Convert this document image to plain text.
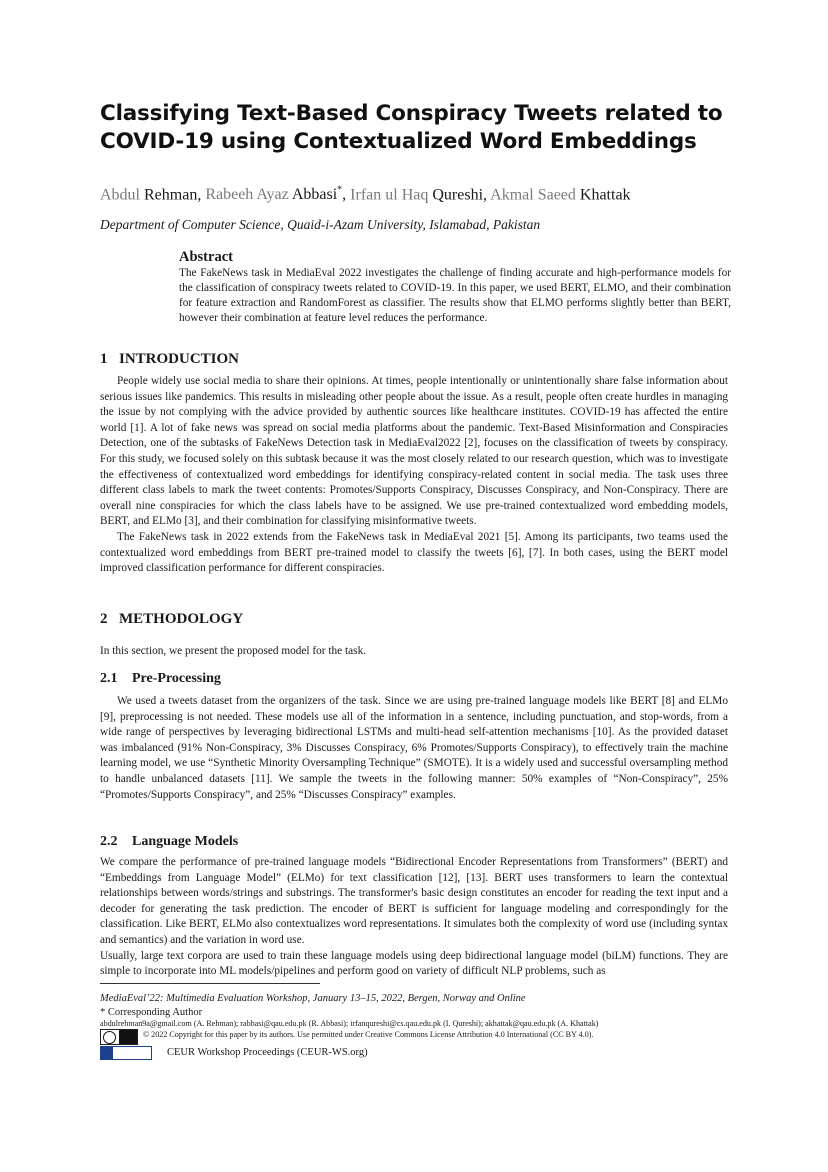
Classifying Text-Based Conspiracy Tweets related to COVID-19 using Contextualized Word Embeddings
Abdul Rehman, Rabeeh Ayaz Abbasi*, Irfan ul Haq Qureshi, Akmal Saeed Khattak
Department of Computer Science, Quaid-i-Azam University, Islamabad, Pakistan
Abstract

The FakeNews task in MediaEval 2022 investigates the challenge of finding accurate and high-performance models for the classification of conspiracy tweets related to COVID-19. In this paper, we used BERT, ELMO, and their combination for feature extraction and RandomForest as classifier. The results show that ELMO performs slightly better than BERT, however their combination at feature level reduces the performance.

1 INTRODUCTION

People widely use social media to share their opinions. At times, people intentionally or unintentionally share false information about serious issues like pandemics. This results in misleading other people about the issue. As a result, people often create hurdles in managing the issue by not complying with the advice provided by authentic sources like healthcare institutes. COVID-19 has affected the entire world [1]. A lot of fake news was spread on social media platforms about the pandemic. Text-Based Misinformation and Conspiracies Detection, one of the subtasks of FakeNews Detection task in MediaEval2022 [2], focuses on the classification of tweets by conspiracy. For this study, we focused solely on this subtask because it was the most closely related to our research question, which was to investigate the effectiveness of contextualized word embeddings for identifying conspiracy-related content in social media. The task uses three different class labels to mark the tweet contents: Promotes/Supports Conspiracy, Discusses Conspiracy, and Non-Conspiracy. There are overall nine conspiracies for which the class labels have to be assigned. We use pre-trained contextualized word embedding models, BERT, and ELMo [3], and their combination for classifying misinformative tweets.

The FakeNews task in 2022 extends from the FakeNews task in MediaEval 2021 [5]. Among its participants, two teams used the contextualized word embeddings from BERT pre-trained model to classify the tweets [6], [7]. In both cases, using the BERT model improved classification performance for different conspiracies.

2 METHODOLOGY

In this section, we present the proposed model for the task.

2.1 Pre-Processing

We used a tweets dataset from the organizers of the task. Since we are using pre-trained language models like BERT [8] and ELMo [9], preprocessing is not needed. These models use all of the information in a sentence, including punctuation, and stop-words, from a wide range of perspectives by leveraging bidirectional LSTMs and multi-head self-attention mechanisms [10]. As the provided dataset was imbalanced (91% Non-Conspiracy, 3% Discusses Conspiracy, 6% Promotes/Supports Conspiracy), to effectively train the machine learning model, we use “Synthetic Minority Oversampling Technique” (SMOTE). It is a widely used and successful oversampling method to handle unbalanced datasets [11]. We sample the tweets in the following manner: 50% examples of “Non-Conspiracy”, 25% “Promotes/Supports Conspiracy”, and 25% “Discusses Conspiracy” examples.

2.2 Language Models

We compare the performance of pre-trained language models “Bidirectional Encoder Representations from Transformers” (BERT) and “Embeddings from Language Model” (ELMo) for text classification [12], [13]. BERT uses transformers to learn the contextual relationships between words/strings and substrings. The transformer's basic design constitutes an encoder for reading the text input and a decoder for generating the task prediction. The encoder of BERT is sufficient for language modeling and correspondingly for the classification. Like BERT, ELMo also contextualizes word representations. It simulates both the complexity of word use (including syntax and semantics) and the variation in word use.

Usually, large text corpora are used to train these language models using deep bidirectional language model (biLM) functions. They are simple to incorporate into ML models/pipelines and perform good on variety of difficult NLP problems, such as

MediaEval’22: Multimedia Evaluation Workshop, January 13–15, 2022, Bergen, Norway and Online
* Corresponding Author
abdulrehman9a@gmail.com (A. Rehman); rabbasi@qau.edu.pk (R. Abbasi); irfanqureshi@cs.qau.edu.pk (I. Qureshi); akhattak@qau.edu.pk (A. Khattak)
© 2022 Copyright for this paper by its authors. Use permitted under Creative Commons License Attribution 4.0 International (CC BY 4.0).
CEUR Workshop Proceedings (CEUR-WS.org)
